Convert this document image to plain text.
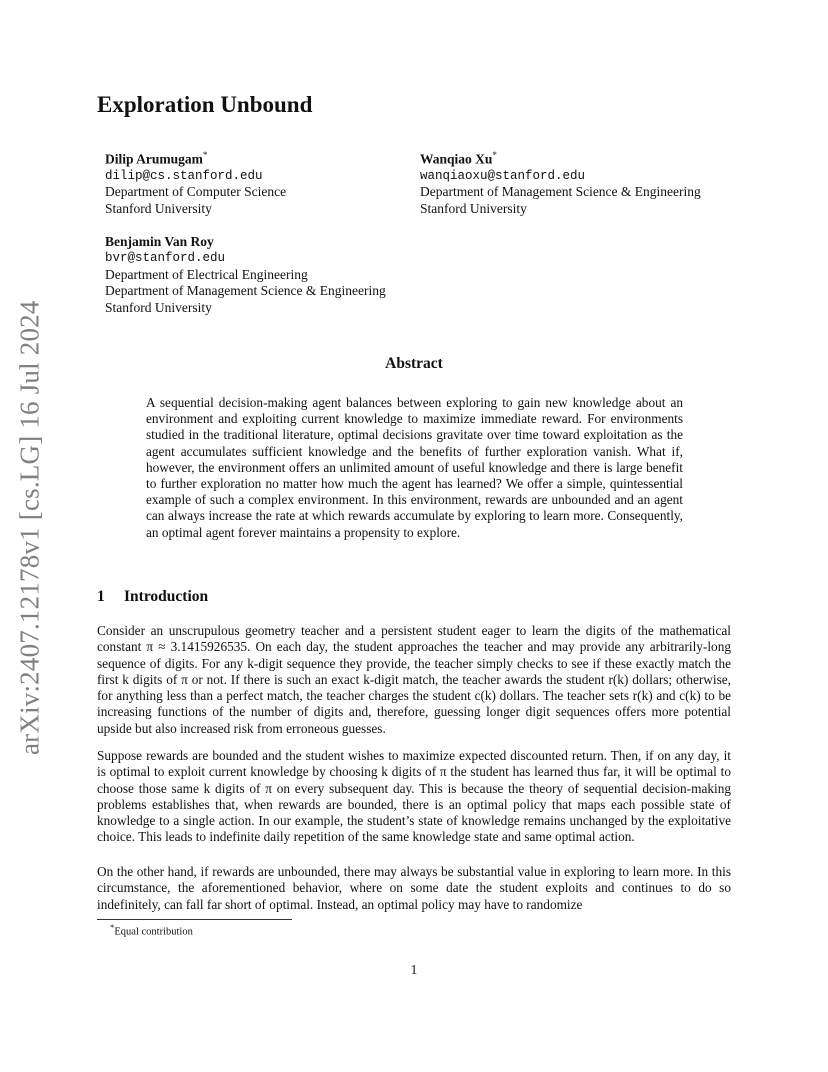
arXiv:2407.12178v1 [cs.LG] 16 Jul 2024
Exploration Unbound
Dilip Arumugam*
dilip@cs.stanford.edu
Department of Computer Science
Stanford University
Wanqiao Xu*
wanqiaoxu@stanford.edu
Department of Management Science & Engineering
Stanford University
Benjamin Van Roy
bvr@stanford.edu
Department of Electrical Engineering
Department of Management Science & Engineering
Stanford University
Abstract
A sequential decision-making agent balances between exploring to gain new knowledge about an environment and exploiting current knowledge to maximize immediate reward. For environments studied in the traditional literature, optimal decisions gravitate over time toward exploitation as the agent accumulates sufficient knowledge and the benefits of further exploration vanish. What if, however, the environment offers an unlimited amount of useful knowledge and there is large benefit to further exploration no matter how much the agent has learned? We offer a simple, quintessential example of such a complex environment. In this environment, rewards are unbounded and an agent can always increase the rate at which rewards accumulate by exploring to learn more. Consequently, an optimal agent forever maintains a propensity to explore.
1 Introduction

Consider an unscrupulous geometry teacher and a persistent student eager to learn the digits of the mathematical constant π ≈ 3.1415926535. On each day, the student approaches the teacher and may provide any arbitrarily-long sequence of digits. For any k-digit sequence they provide, the teacher simply checks to see if these exactly match the first k digits of π or not. If there is such an exact k-digit match, the teacher awards the student r(k) dollars; otherwise, for anything less than a perfect match, the teacher charges the student c(k) dollars. The teacher sets r(k) and c(k) to be increasing functions of the number of digits and, therefore, guessing longer digit sequences offers more potential upside but also increased risk from erroneous guesses.

Suppose rewards are bounded and the student wishes to maximize expected discounted return. Then, if on any day, it is optimal to exploit current knowledge by choosing k digits of π the student has learned thus far, it will be optimal to choose those same k digits of π on every subsequent day. This is because the theory of sequential decision-making problems establishes that, when rewards are bounded, there is an optimal policy that maps each possible state of knowledge to a single action. In our example, the student’s state of knowledge remains unchanged by the exploitative choice. This leads to indefinite daily repetition of the same knowledge state and same optimal action.

On the other hand, if rewards are unbounded, there may always be substantial value in exploring to learn more. In this circumstance, the aforementioned behavior, where on some date the student exploits and continues to do so indefinitely, can fall far short of optimal. Instead, an optimal policy may have to randomize

*Equal contribution
1
